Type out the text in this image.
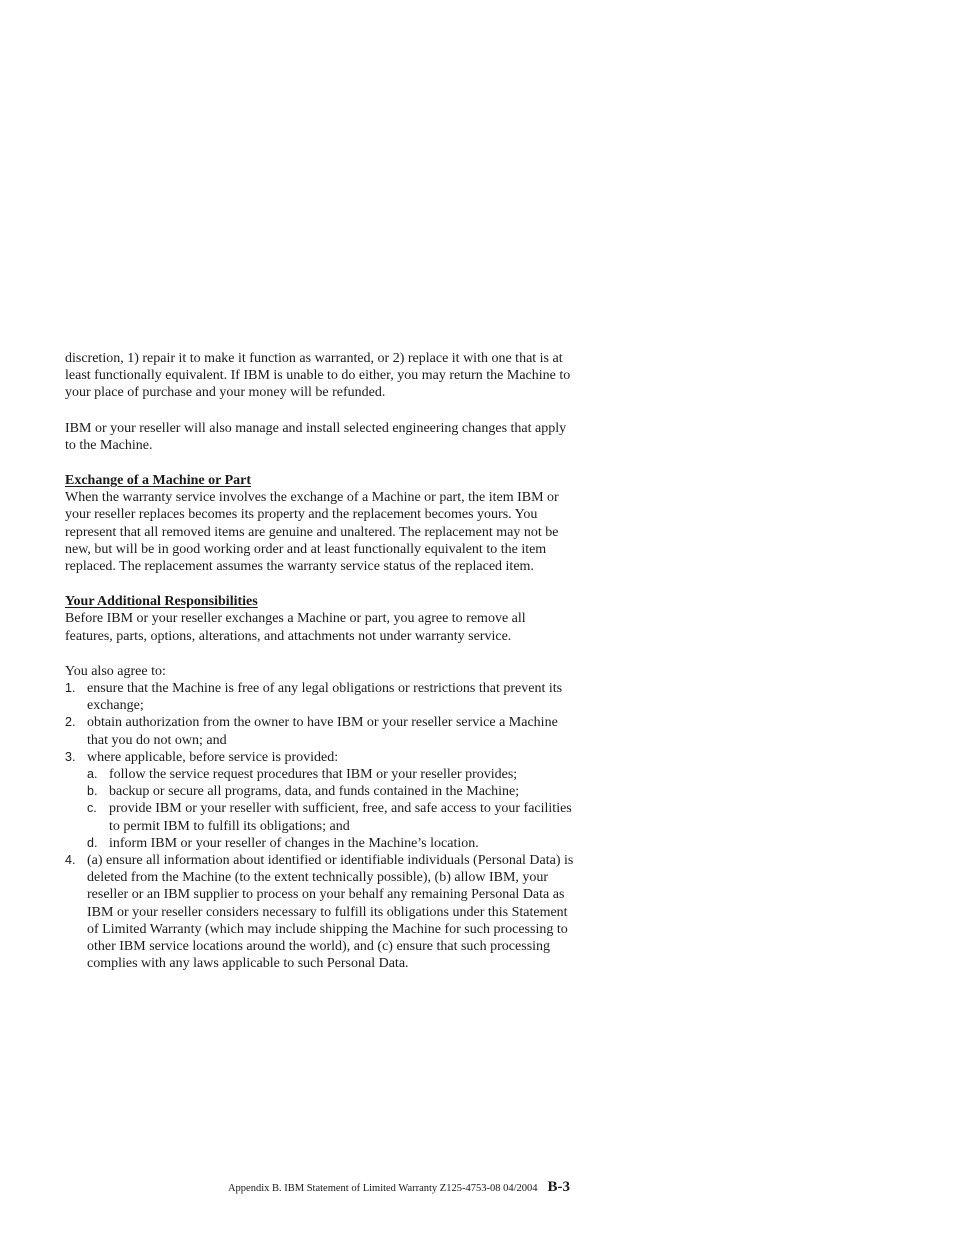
discretion, 1) repair it to make it function as warranted, or 2) replace it with one that is at least functionally equivalent. If IBM is unable to do either, you may return the Machine to your place of purchase and your money will be refunded.

IBM or your reseller will also manage and install selected engineering changes that apply to the Machine.

Exchange of a Machine or Part

When the warranty service involves the exchange of a Machine or part, the item IBM or your reseller replaces becomes its property and the replacement becomes yours. You represent that all removed items are genuine and unaltered. The replacement may not be new, but will be in good working order and at least functionally equivalent to the item replaced. The replacement assumes the warranty service status of the replaced item.

Your Additional Responsibilities

Before IBM or your reseller exchanges a Machine or part, you agree to remove all features, parts, options, alterations, and attachments not under warranty service.

You also agree to:

1. ensure that the Machine is free of any legal obligations or restrictions that prevent its exchange;
2. obtain authorization from the owner to have IBM or your reseller service a Machine that you do not own; and
3. where applicable, before service is provided:
a. follow the service request procedures that IBM or your reseller provides;
b. backup or secure all programs, data, and funds contained in the Machine;
c. provide IBM or your reseller with sufficient, free, and safe access to your facilities to permit IBM to fulfill its obligations; and
d. inform IBM or your reseller of changes in the Machine’s location.
4. (a) ensure all information about identified or identifiable individuals (Personal Data) is deleted from the Machine (to the extent technically possible), (b) allow IBM, your reseller or an IBM supplier to process on your behalf any remaining Personal Data as IBM or your reseller considers necessary to fulfill its obligations under this Statement of Limited Warranty (which may include shipping the Machine for such processing to other IBM service locations around the world), and (c) ensure that such processing complies with any laws applicable to such Personal Data.
Appendix B. IBM Statement of Limited Warranty Z125-4753-08 04/2004 B-3
